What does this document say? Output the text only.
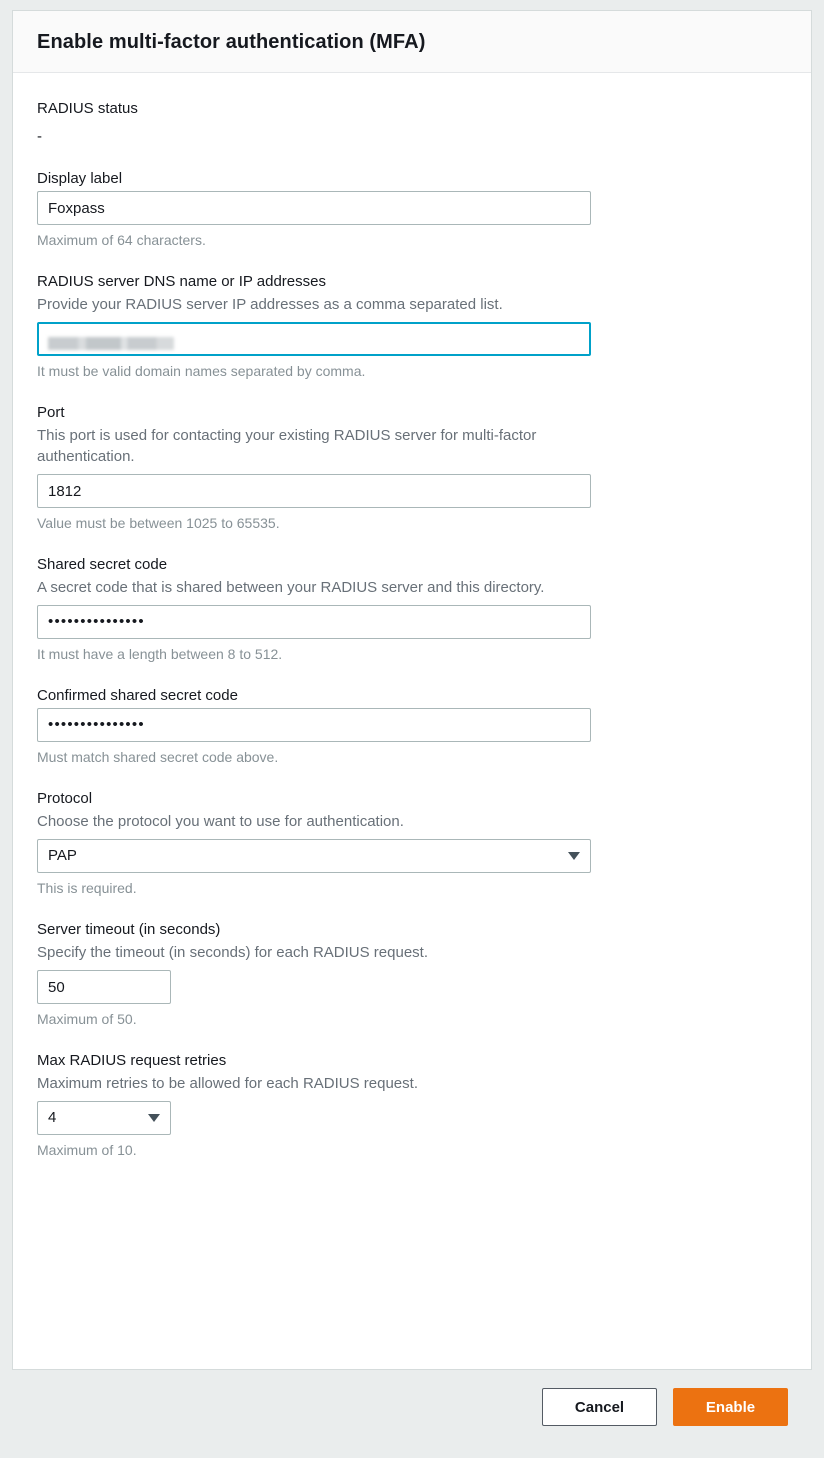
Enable multi-factor authentication (MFA)
RADIUS status
-
Display label
Foxpass
Maximum of 64 characters.
RADIUS server DNS name or IP addresses
Provide your RADIUS server IP addresses as a comma separated list.
It must be valid domain names separated by comma.
Port
This port is used for contacting your existing RADIUS server for multi-factor authentication.
1812
Value must be between 1025 to 65535.
Shared secret code
A secret code that is shared between your RADIUS server and this directory.
•••••••••••••••
It must have a length between 8 to 512.
Confirmed shared secret code
•••••••••••••••
Must match shared secret code above.
Protocol
Choose the protocol you want to use for authentication.
PAP
This is required.
Server timeout (in seconds)
Specify the timeout (in seconds) for each RADIUS request.
50
Maximum of 50.
Max RADIUS request retries
Maximum retries to be allowed for each RADIUS request.
4
Maximum of 10.
Cancel	Enable
